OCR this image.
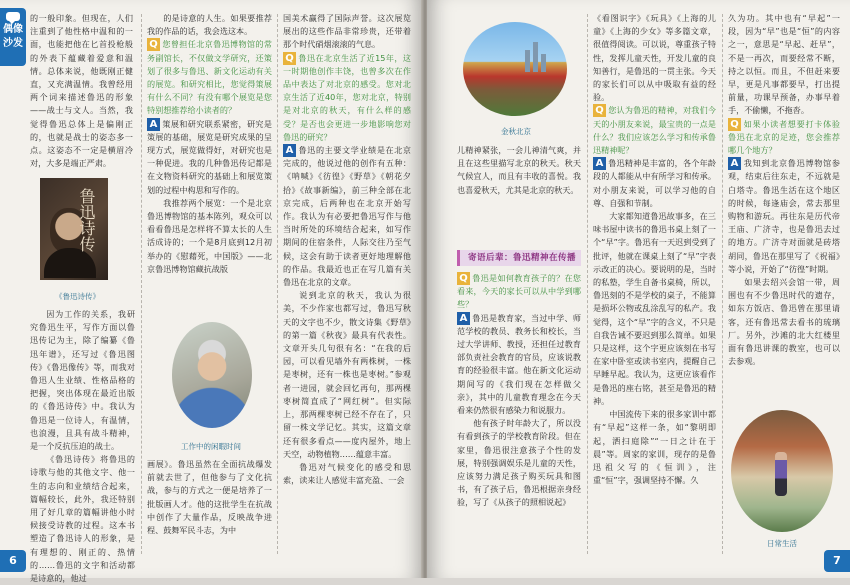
偶像
沙发

的一般印象。但现在，人们注重到了他性格中温和的一面，也能把他在匕首投枪般的外表下蕴藏着爱意和温情。总体来说，他既刚正健直，又充满温情。我曾经用两个词来描述鲁迅的形象——战士与文人。当然，我觉得鲁迅总体上是偏刚正的，也就是战士的姿态多一点。这姿态不一定是横眉冷对，大多是端正严肃。

鲁迅诗传
《鲁迅诗传》

因为工作的关系，我研究鲁迅生平，写作方面以鲁迅传记为主，除了编纂《鲁迅年谱》，还写过《鲁迅图传》《鲁迅像传》等，而我对鲁迅人生业绩、性格品格的把握，突出体现在最近出版的《鲁迅诗传》中。我认为鲁迅是一位诗人，有温情，也浪漫，且具有战斗精神，是一个反抗压迫的战士。

《鲁迅诗传》将鲁迅的诗歌与他的其他文字、他一生的志向和业绩结合起来，篇幅较长，此外，我还特别用了好几章的篇幅讲他小时候接受诗教的过程。这本书塑造了鲁迅诗人的形象，是有理想的、刚正的、热情的……鲁迅的文字和活动都是诗意的，他过

的是诗意的人生。如果要推荐我的作品的话，我会选这本。

Q 您曾担任北京鲁迅博物馆的常务副馆长，不仅做文学研究，还策划了很多与鲁迅、新文化运动有关的展览。和研究相比，您觉得策展有什么不同？有没有哪个展览是您特别想推荐给小读者的？

A 策展和研究联系紧密，研究是策展的基础，展览是研究成果的呈现方式，展览做得好，对研究也是一种促进。我的几种鲁迅传记都是在文物资料研究的基础上和展览策划的过程中构思和写作的。

我推荐两个展览：一个是北京鲁迅博物馆的基本陈列，观众可以看看鲁迅是怎样将不算太长的人生活成诗的；一个是8月底到12月初举办的《慰藉死，中国版》——北京鲁迅博物馆藏抗战版

工作中的闲暇时间

画展》。鲁迅虽然在全面抗战爆发前就去世了，但他参与了文化抗战，参与的方式之一便是培养了一批版画人才。他的这批学生在抗战中创作了大量作品，反映战争进程、鼓舞军民斗志，为中

国美术赢得了国际声誉。这次展览展出的这些作品非常珍贵，还带着那个时代硝烟滚滚的气息。

Q 鲁迅在北京生活了近15年，这一时期他创作丰饶，也曾多次在作品中表达了对北京的感受。您对北京生活了近40年，您对北京，特别是对北京的秋天，有什么样的感受？是否也会更进一步地影响您对鲁迅的研究？

A 鲁迅的主要文学业绩是在北京完成的，他说过他的创作有五种：《呐喊》《彷徨》《野草》《朝花夕拾》《故事新编》，前三种全部在北京完成，后两种也在北京开始写作。我认为有必要把鲁迅写作与他当时所处的环境结合起来，如写作期间的住宿条件，人际交往乃至气候，这会有助于读者更好地理解他的作品。我最近也正在写几篇有关鲁迅在北京的文章。

说到北京的秋天，我认为很美，不少作家也都写过，鲁迅写秋天的文字也不少，散文诗集《野草》的第一篇《秋夜》最具有代表性。文章开头几句很有名：“在我的后园，可以看见墙外有两株树，一株是枣树，还有一株也是枣树。”参观者一进园，就会回忆再句，那两棵枣树简直成了“网红树”。但实际上，那两棵枣树已经不存在了，只留一株文学记忆。其实，这篇文章还有很多看点——度内屋外，地上天空，动物植物……蕴意丰富。

鲁迅对气候变化的感受和思索，读来让人感觉丰富充盈、一会

6
金秋北京

儿精神紧张，一会儿神清气爽，并且在这些里描写北京的秋天。秋天气候宜人，而且有丰收的喜悦。我也喜爱秋天，尤其是北京的秋天。

寄语后辈：鲁迅精神在传播

Q 鲁迅是如何教育孩子的？在您看来，今天的家长可以从中学到哪些？

A 鲁迅是教育家，当过中学、师范学校的教员、教务长和校长，当过大学讲师、教授，还担任过教育部负责社会教育的官员，应该说教育的经验很丰富。他在新文化运动期间写的《我们现在怎样做父亲》，其中的儿童教育理念在今天看来仍然很有感染力和说服力。

他有孩子时年龄大了，所以没有看到孩子的学校教育阶段。但在家里，鲁迅很注意孩子个性的发展，特别强调娱乐是儿童的天性，应该努力满足孩子购买玩具和图书，有了孩子后，鲁迅根据亲身经验，写了《从孩子的照相说起》

《看图识字》《玩具》《上海的儿童》《上海的少女》等多篇文章，很值得阅读。可以说，尊重孩子特性，发挥儿童天性，开发儿童的良知善行，是鲁迅的一贯主张。今天的家长们可以从中吸取有益的经验。

Q 您认为鲁迅的精神，对我们今天的小朋友来说，最宝贵的一点是什么？我们应该怎么学习和传承鲁迅精神呢？

A 鲁迅精神是丰富的，各个年龄段的人都能从中有所学习和传承。对小朋友来说，可以学习他的自尊、自强和节制。

大家都知道鲁迅故事多，在三味书屋中读书的鲁迅书桌上刻了一个“早”字。鲁迅有一天迟到受到了批评，他就在课桌上刻了“早”字表示改正的决心。要说明的是，当时的私塾，学生自备书桌椅，所以，鲁迅刻的不是学校的桌子，不能算是损坏公物或乱涂乱写的私产。我觉得，这个“早”字的含义，不只是自我告诫不要迟到那么简单。如果只是这样，这个字更应该刻在书写在家中卧室或读书室内，提醒自己早睡早起。我认为，这更应该看作是鲁迅的座右铭，甚至是鲁迅的精神。

中国流传下来的很多家训中都有“早起”这样一条，如“黎明即起，洒扫庭除”“一日之计在于晨”等。周家的家训，现存的是鲁迅祖父写的《恒训》，注重“恒”字，强调坚持不懈。久

久为功。其中也有“早起”一段，因为“早”也是“恒”的内容之一，意思是“早起、赶早”，不是一再次，而要经常不断，持之以恒。而且，不但赶来要早，更是凡事都要早，打出提前量，功课早预备，办事早着手，不偷懒，不拖沓。

Q 如果小读者想要打卡体验鲁迅在北京的足迹，您会推荐哪几个地方？

A 我知到北京鲁迅博物馆参观，结束后往东走，不远就是白塔寺。鲁迅生活在这个地区的时候，每逢庙会，常去那里购物和游玩。再往东是历代帝王庙、广济寺，也是鲁迅去过的地方。广济寺对面就是砖塔胡同，鲁迅在那里写了《祝福》等小说，开始了“彷徨”时期。

如果去绍兴会馆一带，周围也有不少鲁迅时代的遗存，如东方饭店、鲁迅曾在那里请客，还有鲁迅常去看书的琉璃厂。另外，沙滩的北大红楼里面有鲁迅讲课的教室，也可以去参观。

日常生活
7
